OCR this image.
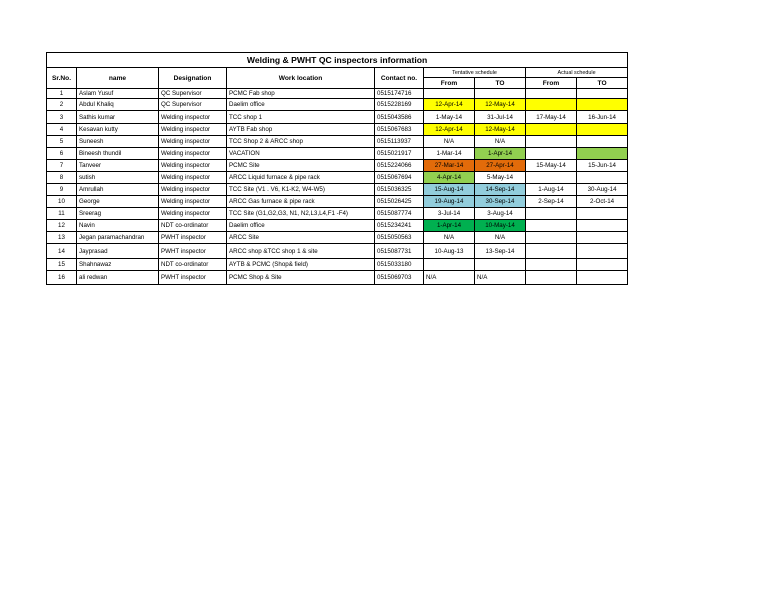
Welding & PWHT QC inspectors information								
Sr.No.	name	Designation	Work location	Contact no.	Tentative schedule		Actual schedule	
					From	TO	From	TO
1	Aslam Yusuf	QC Supervisor	PCMC Fab shop	0515174716				
2	Abdul Khaliq	QC Supervisor	Daelim office	0515228169	12-Apr-14	12-May-14		
3	Sathis kumar	Welding inspector	TCC shop 1	0515043586	1-May-14	31-Jul-14	17-May-14	16-Jun-14
4	Kesavan kutty	Welding inspector	AYTB Fab shop	0515067683	12-Apr-14	12-May-14		
5	Suneesh	Welding inspector	TCC Shop 2 & ARCC shop	0515113937	N/A	N/A		
6	Bineesh thundil	Welding inspector	VACATION	0515021917	1-Mar-14	1-Apr-14		
7	Tanveer	Welding inspector	PCMC Site	0515224066	27-Mar-14	27-Apr-14	15-May-14	15-Jun-14
8	sutish	Welding inspector	ARCC Liquid furnace & pipe rack	0515067694	4-Apr-14	5-May-14		
9	Amrullah	Welding inspector	TCC Site (V1 . V6, K1-K2, W4-W5)	0515036325	15-Aug-14	14-Sep-14	1-Aug-14	30-Aug-14
10	George	Welding inspector	ARCC Gas furnace & pipe rack	0515026425	19-Aug-14	30-Sep-14	2-Sep-14	2-Oct-14
11	Sreerag	Welding inspector	TCC Site (G1,G2,G3, N1, N2,L3,L4,F1 -F4)	0515087774	3-Jul-14	3-Aug-14		
12	Navin	NDT co-ordinator	Daelim office	0515234241	1-Apr-14	10-May-14		
13	Jegan paramachandran	PWHT inspector	ARCC Site	0515050563	N/A	N/A		
14	Jayprasad	PWHT inspector	ARCC shop &TCC shop 1 & site	0515087731	10-Aug-13	13-Sep-14		
15	Shahnawaz	NDT co-ordinator	AYTB & PCMC (Shop& field)	0515033180				
16	ali redwan	PWHT inspector	PCMC Shop & Site	0515069703	N/A	N/A		
